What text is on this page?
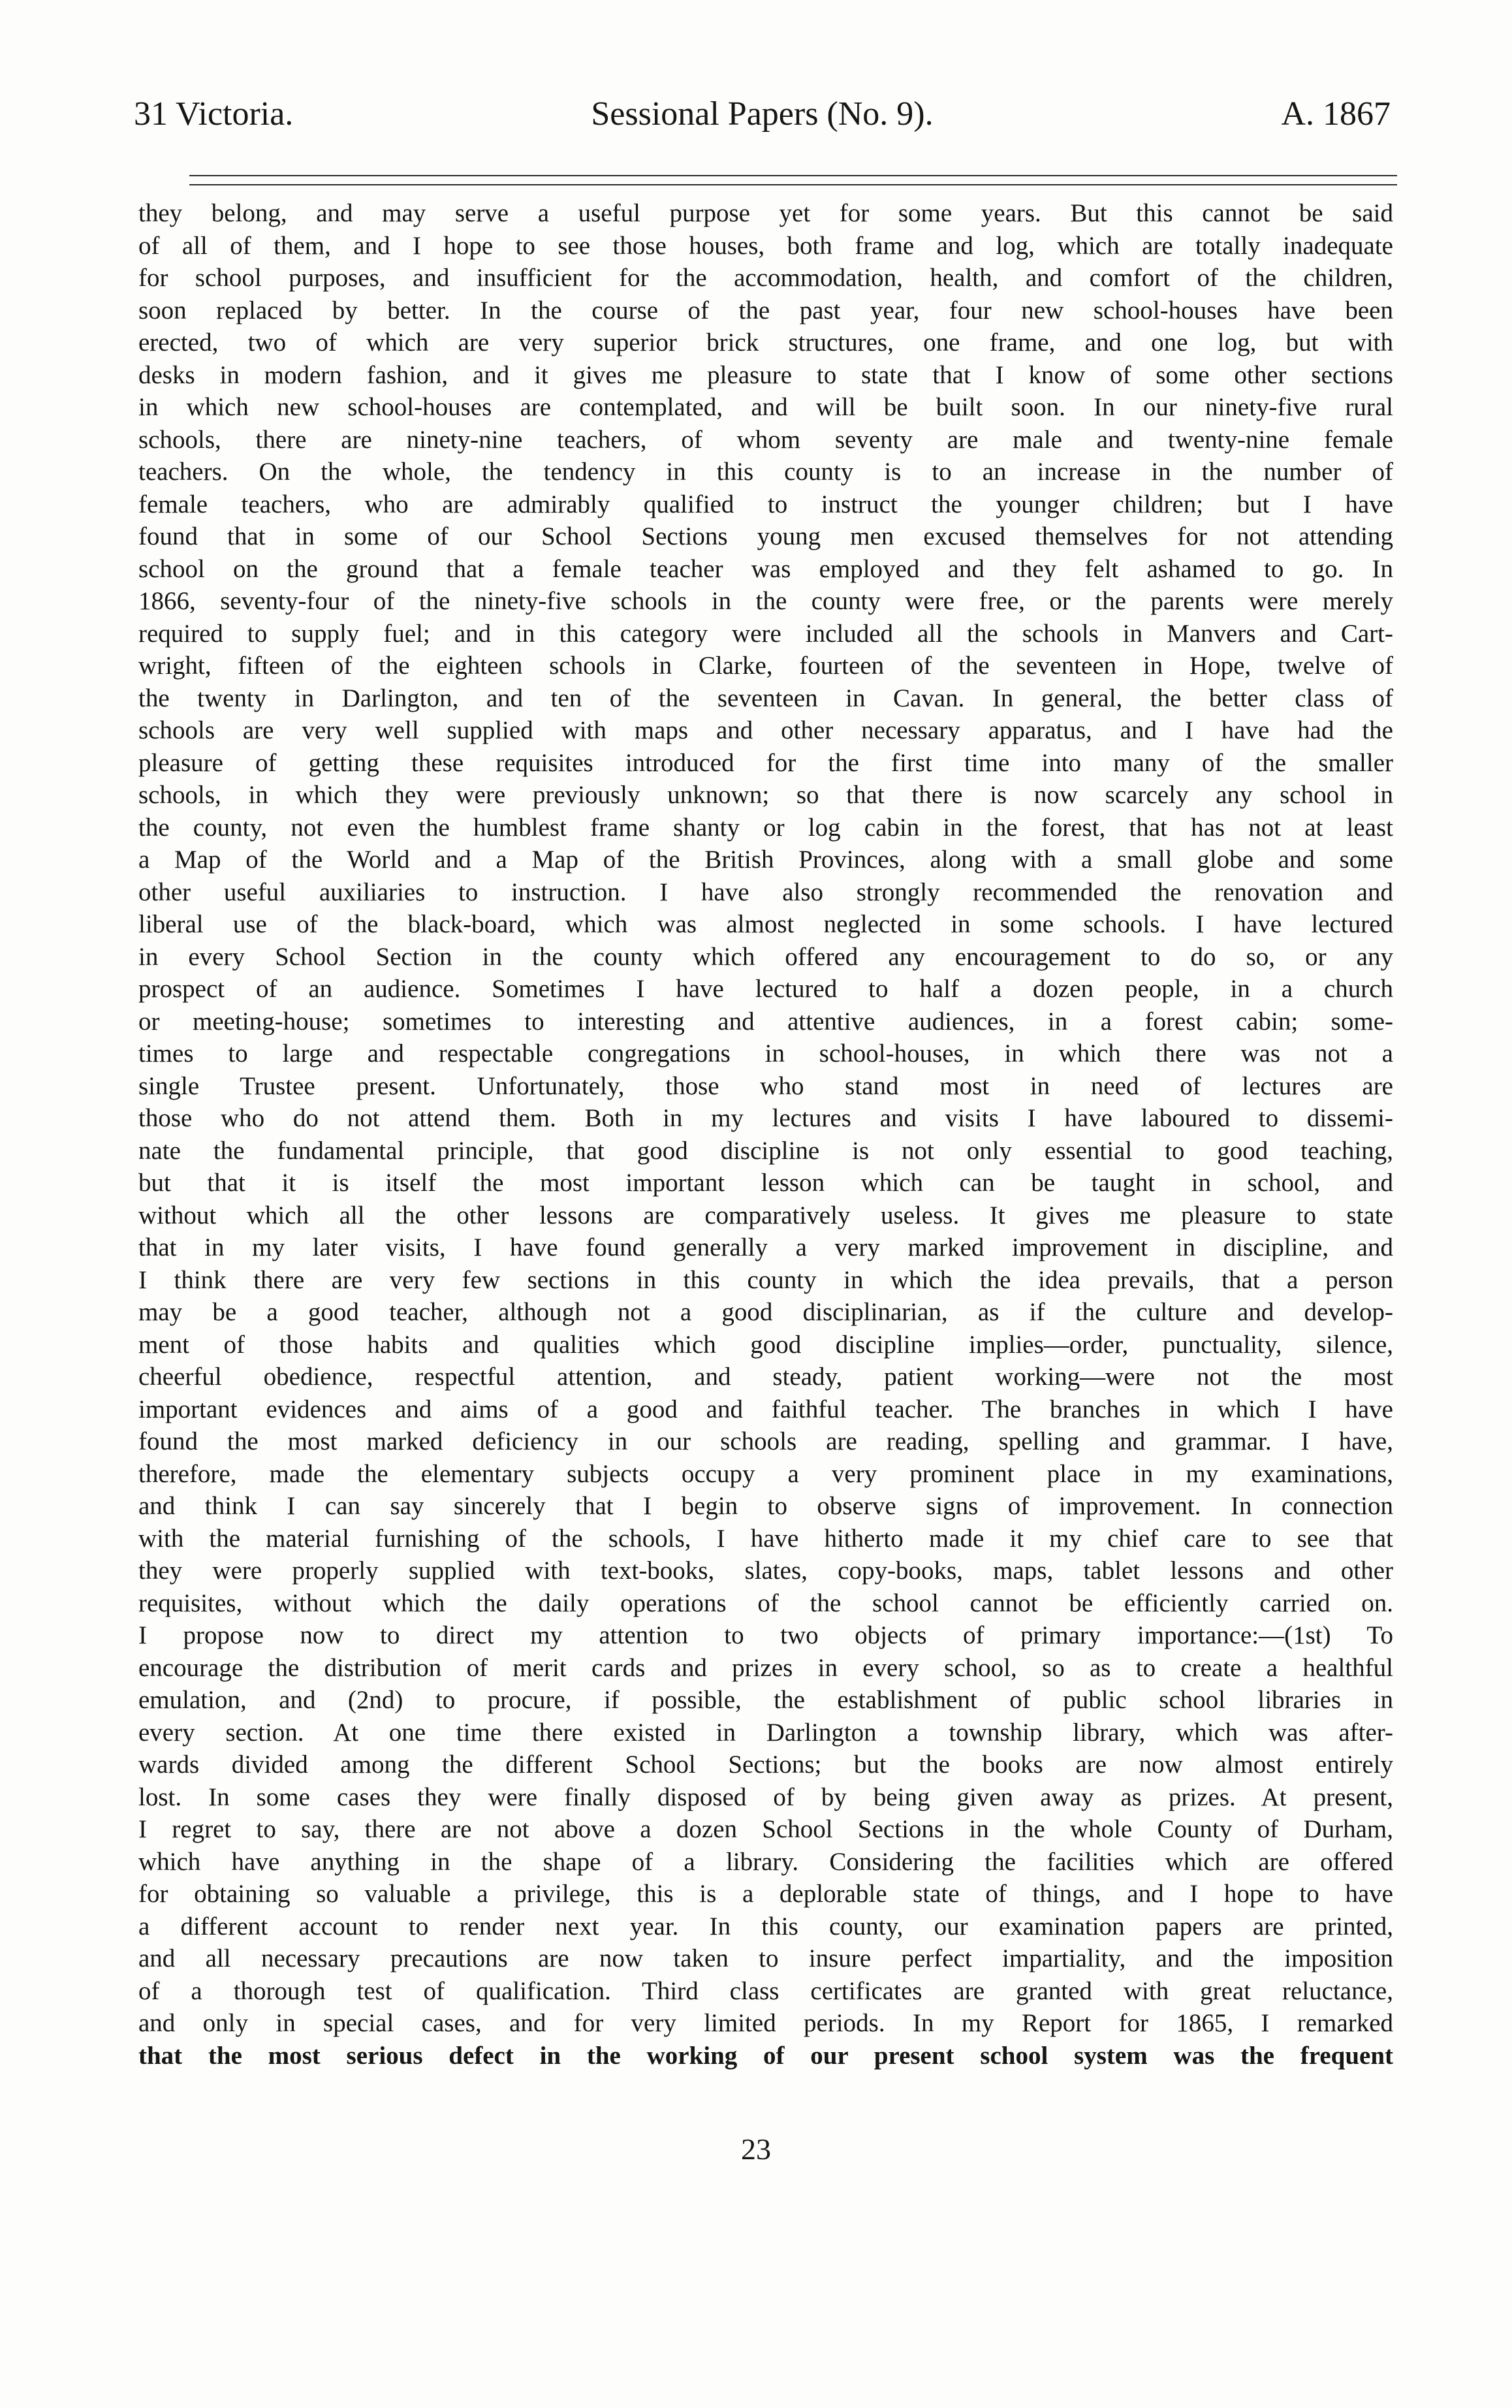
31 Victoria.	Sessional Papers (No. 9).	A. 1867
they belong, and may serve a useful purpose yet for some years. But this cannot be said
of all of them, and I hope to see those houses, both frame and log, which are totally inadequate
for school purposes, and insufficient for the accommodation, health, and comfort of the children,
soon replaced by better. In the course of the past year, four new school-houses have been
erected, two of which are very superior brick structures, one frame, and one log, but with
desks in modern fashion, and it gives me pleasure to state that I know of some other sections
in which new school-houses are contemplated, and will be built soon. In our ninety-five rural
schools, there are ninety-nine teachers, of whom seventy are male and twenty-nine female
teachers. On the whole, the tendency in this county is to an increase in the number of
female teachers, who are admirably qualified to instruct the younger children; but I have
found that in some of our School Sections young men excused themselves for not attending
school on the ground that a female teacher was employed and they felt ashamed to go. In
1866, seventy-four of the ninety-five schools in the county were free, or the parents were merely
required to supply fuel; and in this category were included all the schools in Manvers and Cart-
wright, fifteen of the eighteen schools in Clarke, fourteen of the seventeen in Hope, twelve of
the twenty in Darlington, and ten of the seventeen in Cavan. In general, the better class of
schools are very well supplied with maps and other necessary apparatus, and I have had the
pleasure of getting these requisites introduced for the first time into many of the smaller
schools, in which they were previously unknown; so that there is now scarcely any school in
the county, not even the humblest frame shanty or log cabin in the forest, that has not at least
a Map of the World and a Map of the British Provinces, along with a small globe and some
other useful auxiliaries to instruction. I have also strongly recommended the renovation and
liberal use of the black-board, which was almost neglected in some schools. I have lectured
in every School Section in the county which offered any encouragement to do so, or any
prospect of an audience. Sometimes I have lectured to half a dozen people, in a church
or meeting-house; sometimes to interesting and attentive audiences, in a forest cabin; some-
times to large and respectable congregations in school-houses, in which there was not a
single Trustee present. Unfortunately, those who stand most in need of lectures are
those who do not attend them. Both in my lectures and visits I have laboured to dissemi-
nate the fundamental principle, that good discipline is not only essential to good teaching,
but that it is itself the most important lesson which can be taught in school, and
without which all the other lessons are comparatively useless. It gives me pleasure to state
that in my later visits, I have found generally a very marked improvement in discipline, and
I think there are very few sections in this county in which the idea prevails, that a person
may be a good teacher, although not a good disciplinarian, as if the culture and develop-
ment of those habits and qualities which good discipline implies—order, punctuality, silence,
cheerful obedience, respectful attention, and steady, patient working—were not the most
important evidences and aims of a good and faithful teacher. The branches in which I have
found the most marked deficiency in our schools are reading, spelling and grammar. I have,
therefore, made the elementary subjects occupy a very prominent place in my examinations,
and think I can say sincerely that I begin to observe signs of improvement. In connection
with the material furnishing of the schools, I have hitherto made it my chief care to see that
they were properly supplied with text-books, slates, copy-books, maps, tablet lessons and other
requisites, without which the daily operations of the school cannot be efficiently carried on.
I propose now to direct my attention to two objects of primary importance:—(1st) To
encourage the distribution of merit cards and prizes in every school, so as to create a healthful
emulation, and (2nd) to procure, if possible, the establishment of public school libraries in
every section. At one time there existed in Darlington a township library, which was after-
wards divided among the different School Sections; but the books are now almost entirely
lost. In some cases they were finally disposed of by being given away as prizes. At present,
I regret to say, there are not above a dozen School Sections in the whole County of Durham,
which have anything in the shape of a library. Considering the facilities which are offered
for obtaining so valuable a privilege, this is a deplorable state of things, and I hope to have
a different account to render next year. In this county, our examination papers are printed,
and all necessary precautions are now taken to insure perfect impartiality, and the imposition
of a thorough test of qualification. Third class certificates are granted with great reluctance,
and only in special cases, and for very limited periods. In my Report for 1865, I remarked
that the most serious defect in the working of our present school system was the frequent
23
